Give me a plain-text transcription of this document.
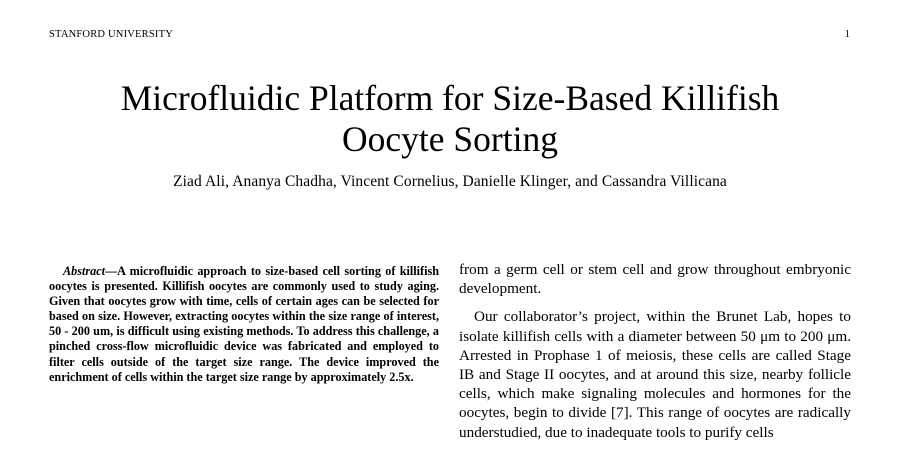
STANFORD UNIVERSITY	1
Microfluidic Platform for Size-Based Killifish
Oocyte Sorting
Ziad Ali, Ananya Chadha, Vincent Cornelius, Danielle Klinger, and Cassandra Villicana
Abstract—A microfluidic approach to size-based cell sorting of killifish oocytes is presented. Killifish oocytes are commonly used to study aging. Given that oocytes grow with time, cells of certain ages can be selected for based on size. However, extracting oocytes within the size range of interest, 50 - 200 um, is difficult using existing methods. To address this challenge, a pinched cross-flow microfluidic device was fabricated and employed to filter cells outside of the target size range. The device improved the enrichment of cells within the target size range by approximately 2.5x.

from a germ cell or stem cell and grow throughout embryonic development.

Our collaborator’s project, within the Brunet Lab, hopes to isolate killifish cells with a diameter between 50 μm to 200 μm. Arrested in Prophase 1 of meiosis, these cells are called Stage IB and Stage II oocytes, and at around this size, nearby follicle cells, which make signaling molecules and hormones for the oocytes, begin to divide [7]. This range of oocytes are radically understudied, due to inadequate tools to purify cells
